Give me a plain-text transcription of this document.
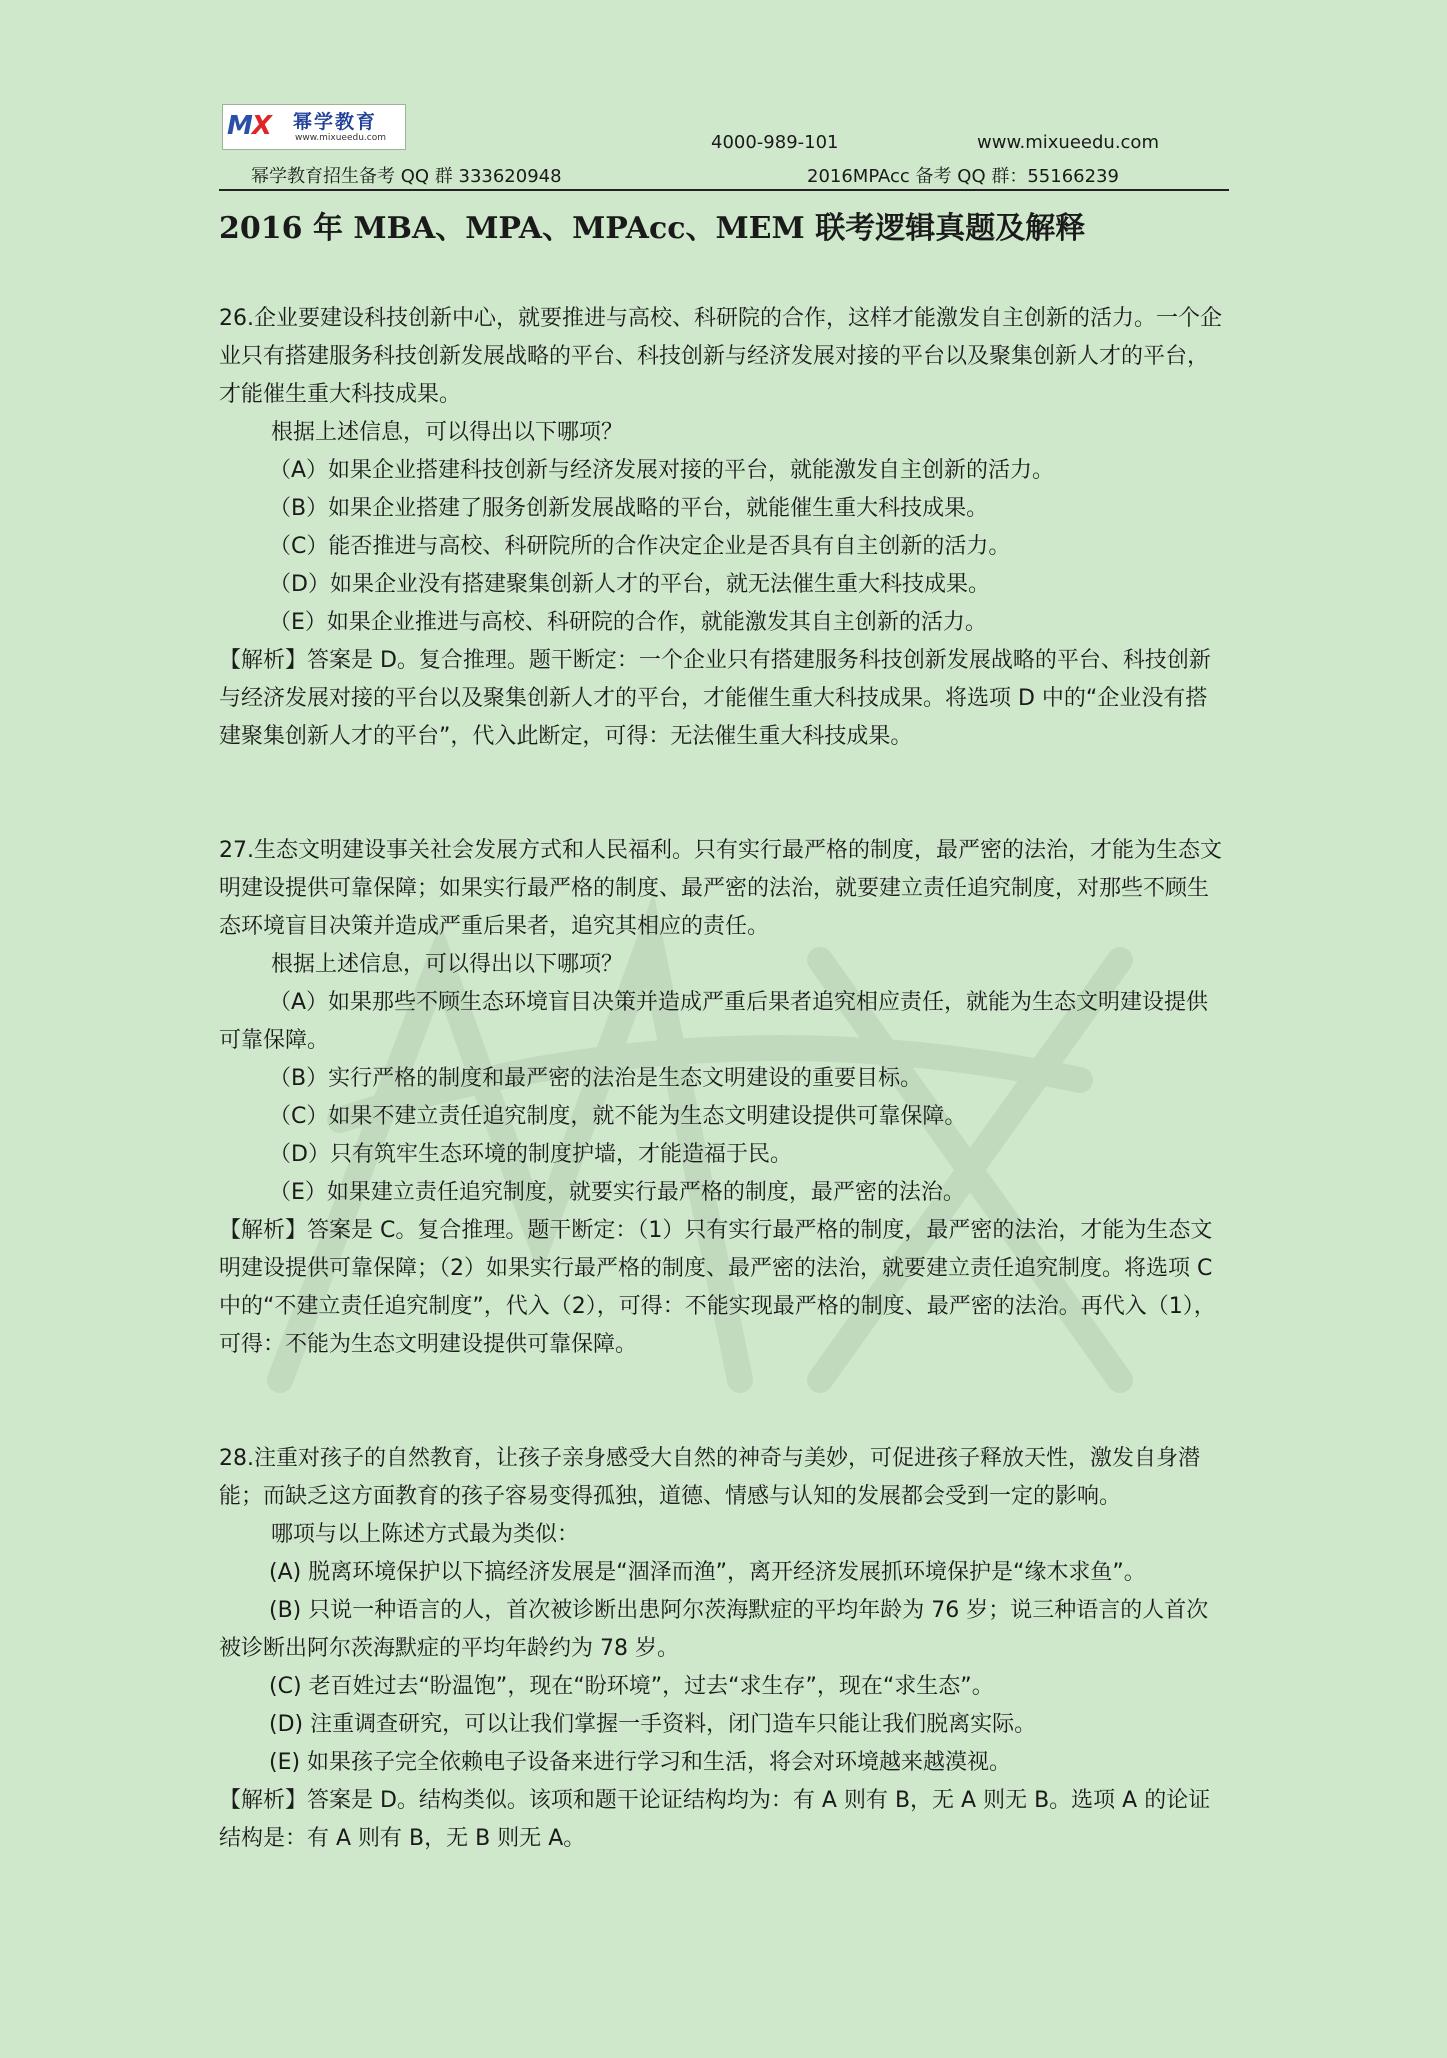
MX 幂学教育
www.mixueedu.com	4000-989-101	www.mixueedu.com
幂学教育招生备考 QQ 群 333620948	2016MPAcc 备考 QQ 群：55166239
2016 年 MBA、MPA、MPAcc、MEM 联考逻辑真题及解释

26.企业要建设科技创新中心，就要推进与高校、科研院的合作，这样才能激发自主创新的活力。一个企业只有搭建服务科技创新发展战略的平台、科技创新与经济发展对接的平台以及聚集创新人才的平台，才能催生重大科技成果。

根据上述信息，可以得出以下哪项？

（A）如果企业搭建科技创新与经济发展对接的平台，就能激发自主创新的活力。

（B）如果企业搭建了服务创新发展战略的平台，就能催生重大科技成果。

（C）能否推进与高校、科研院所的合作决定企业是否具有自主创新的活力。

（D）如果企业没有搭建聚集创新人才的平台，就无法催生重大科技成果。

（E）如果企业推进与高校、科研院的合作，就能激发其自主创新的活力。

【解析】答案是 D。复合推理。题干断定：一个企业只有搭建服务科技创新发展战略的平台、科技创新与经济发展对接的平台以及聚集创新人才的平台，才能催生重大科技成果。将选项 D 中的“企业没有搭建聚集创新人才的平台”，代入此断定，可得：无法催生重大科技成果。

27.生态文明建设事关社会发展方式和人民福利。只有实行最严格的制度，最严密的法治，才能为生态文明建设提供可靠保障；如果实行最严格的制度、最严密的法治，就要建立责任追究制度，对那些不顾生态环境盲目决策并造成严重后果者，追究其相应的责任。

根据上述信息，可以得出以下哪项？

（A）如果那些不顾生态环境盲目决策并造成严重后果者追究相应责任，就能为生态文明建设提供可靠保障。

（B）实行严格的制度和最严密的法治是生态文明建设的重要目标。

（C）如果不建立责任追究制度，就不能为生态文明建设提供可靠保障。

（D）只有筑牢生态环境的制度护墙，才能造福于民。

（E）如果建立责任追究制度，就要实行最严格的制度，最严密的法治。

【解析】答案是 C。复合推理。题干断定：（1）只有实行最严格的制度，最严密的法治，才能为生态文明建设提供可靠保障；（2）如果实行最严格的制度、最严密的法治，就要建立责任追究制度。将选项 C 中的“不建立责任追究制度”，代入（2），可得：不能实现最严格的制度、最严密的法治。再代入（1），可得：不能为生态文明建设提供可靠保障。

28.注重对孩子的自然教育，让孩子亲身感受大自然的神奇与美妙，可促进孩子释放天性，激发自身潜能；而缺乏这方面教育的孩子容易变得孤独，道德、情感与认知的发展都会受到一定的影响。

哪项与以上陈述方式最为类似：

(A) 脱离环境保护以下搞经济发展是“涸泽而渔”，离开经济发展抓环境保护是“缘木求鱼”。

(B) 只说一种语言的人，首次被诊断出患阿尔茨海默症的平均年龄为 76 岁；说三种语言的人首次被诊断出阿尔茨海默症的平均年龄约为 78 岁。

(C) 老百姓过去“盼温饱”，现在“盼环境”，过去“求生存”，现在“求生态”。

(D) 注重调查研究，可以让我们掌握一手资料，闭门造车只能让我们脱离实际。

(E) 如果孩子完全依赖电子设备来进行学习和生活，将会对环境越来越漠视。

【解析】答案是 D。结构类似。该项和题干论证结构均为：有 A 则有 B，无 A 则无 B。选项 A 的论证结构是：有 A 则有 B，无 B 则无 A。
